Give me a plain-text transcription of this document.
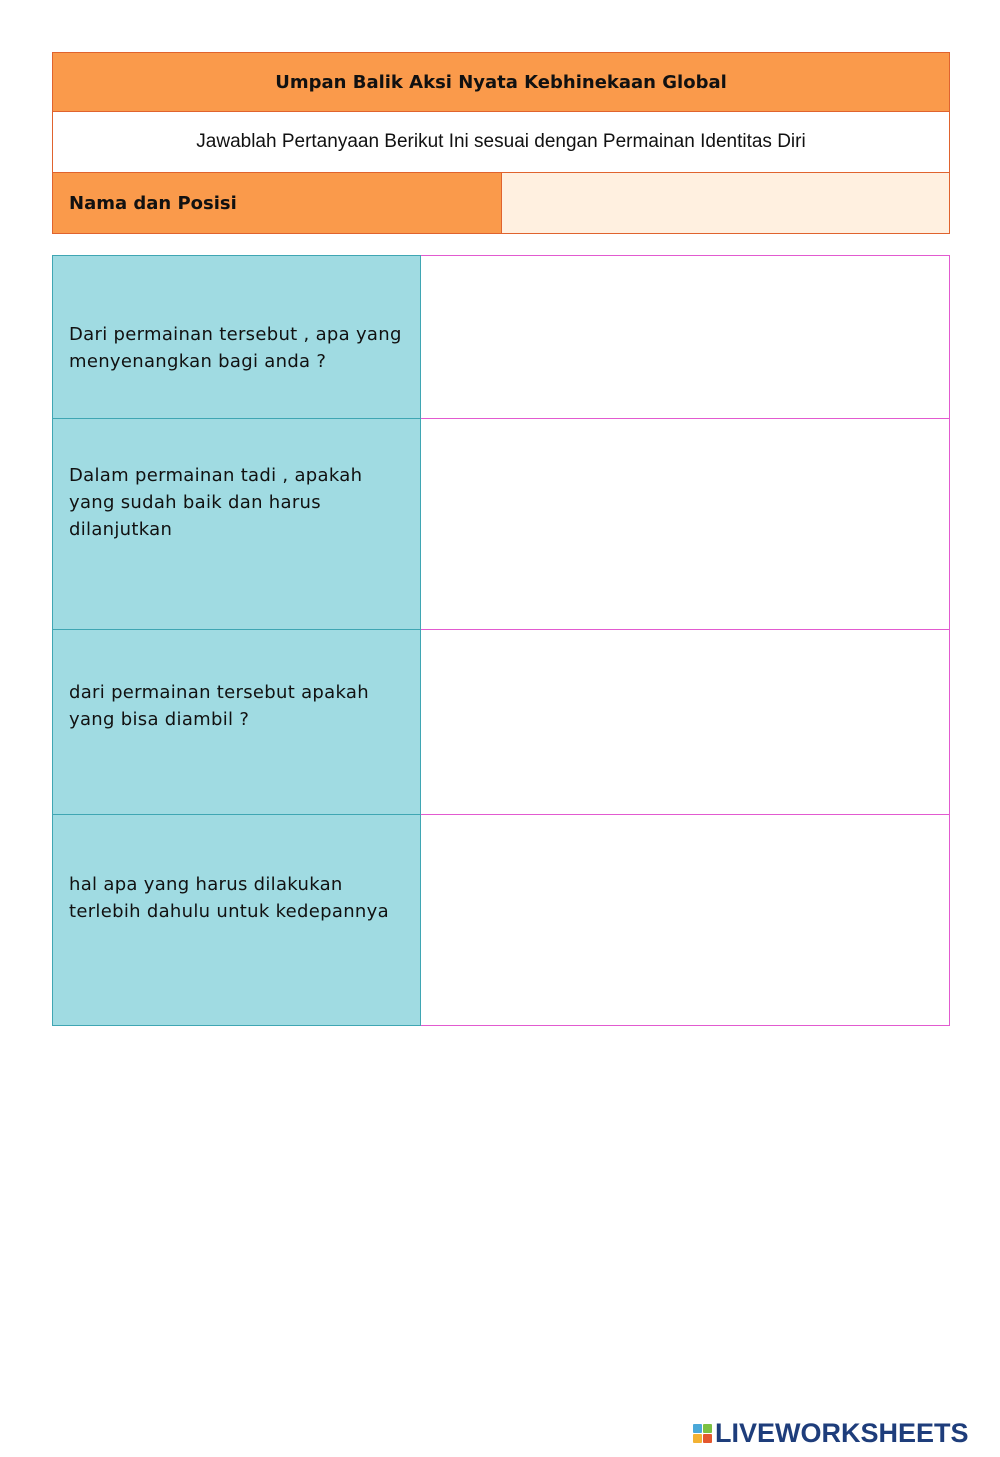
Umpan Balik Aksi Nyata Kebhinekaan Global
Jawablah Pertanyaan Berikut Ini sesuai dengan Permainan Identitas Diri
Nama dan Posisi	
Dari permainan tersebut , apa yang menyenangkan bagi anda ?	

Dalam permainan tadi , apakah yang sudah baik dan harus dilanjutkan	

dari permainan tersebut apakah yang bisa diambil ?	

hal apa yang harus dilakukan terlebih dahulu untuk kedepannya	

LIVEWORKSHEETS
